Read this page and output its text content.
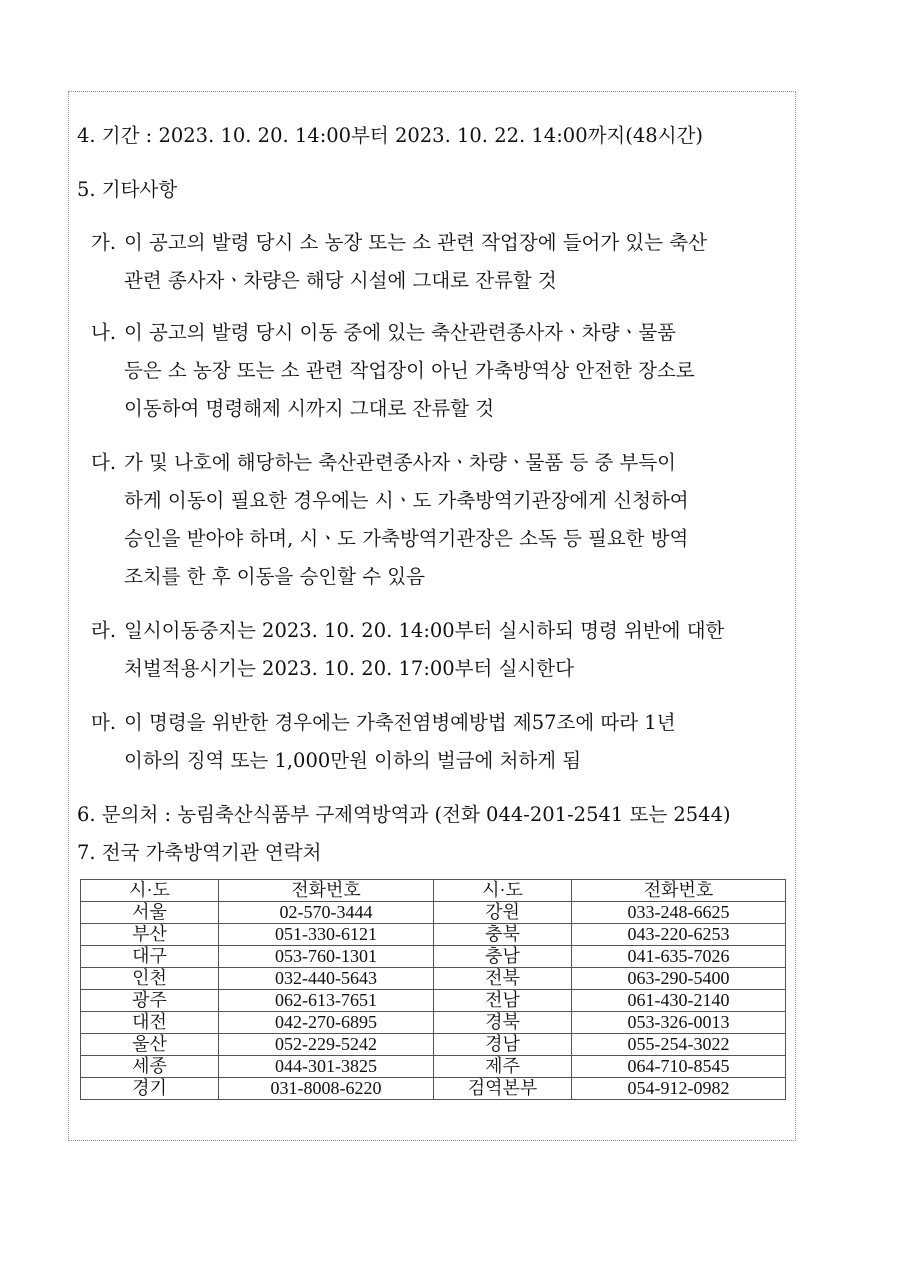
4. 기간 : 2023. 10. 20. 14:00부터 2023. 10. 22. 14:00까지(48시간)
5. 기타사항
가. 이 공고의 발령 당시 소 농장 또는 소 관련 작업장에 들어가 있는 축산
관련 종사자ㆍ차량은 해당 시설에 그대로 잔류할 것
나. 이 공고의 발령 당시 이동 중에 있는 축산관련종사자ㆍ차량ㆍ물품
등은 소 농장 또는 소 관련 작업장이 아닌 가축방역상 안전한 장소로
이동하여 명령해제 시까지 그대로 잔류할 것
다. 가 및 나호에 해당하는 축산관련종사자ㆍ차량ㆍ물품 등 중 부득이
하게 이동이 필요한 경우에는 시ㆍ도 가축방역기관장에게 신청하여
승인을 받아야 하며, 시ㆍ도 가축방역기관장은 소독 등 필요한 방역
조치를 한 후 이동을 승인할 수 있음
라. 일시이동중지는 2023. 10. 20. 14:00부터 실시하되 명령 위반에 대한
처벌적용시기는 2023. 10. 20. 17:00부터 실시한다
마. 이 명령을 위반한 경우에는 가축전염병예방법 제57조에 따라 1년
이하의 징역 또는 1,000만원 이하의 벌금에 처하게 됨
6. 문의처 : 농림축산식품부 구제역방역과 (전화 044-201-2541 또는 2544)
7. 전국 가축방역기관 연락처
시·도	전화번호	시·도	전화번호
서울	02-570-3444	강원	033-248-6625
부산	051-330-6121	충북	043-220-6253
대구	053-760-1301	충남	041-635-7026
인천	032-440-5643	전북	063-290-5400
광주	062-613-7651	전남	061-430-2140
대전	042-270-6895	경북	053-326-0013
울산	052-229-5242	경남	055-254-3022
세종	044-301-3825	제주	064-710-8545
경기	031-8008-6220	검역본부	054-912-0982
